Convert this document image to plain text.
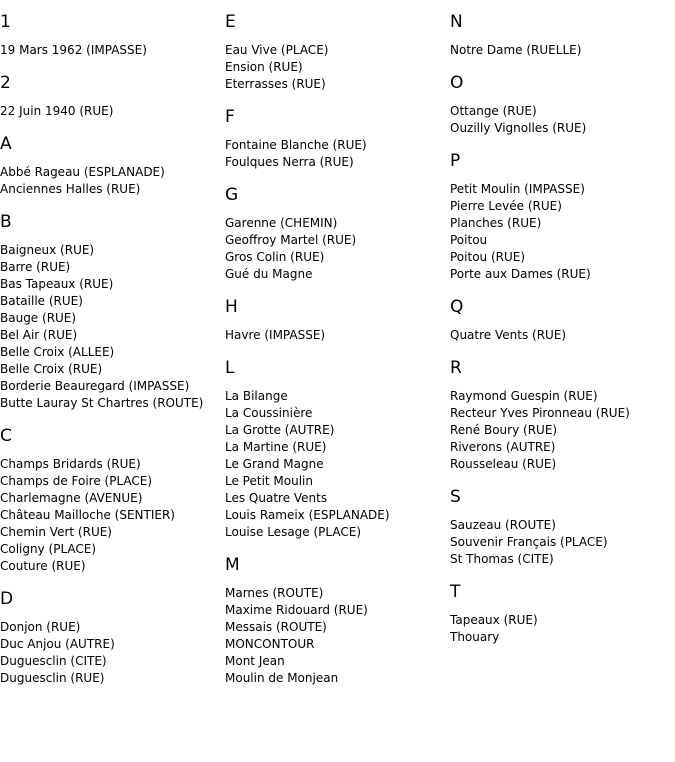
1
19 Mars 1962 (IMPASSE)
2
22 Juin 1940 (RUE)
A
Abbé Rageau (ESPLANADE)
Anciennes Halles (RUE)
B
Baigneux (RUE)
Barre (RUE)
Bas Tapeaux (RUE)
Bataille (RUE)
Bauge (RUE)
Bel Air (RUE)
Belle Croix (ALLEE)
Belle Croix (RUE)
Borderie Beauregard (IMPASSE)
Butte Lauray St Chartres (ROUTE)
C
Champs Bridards (RUE)
Champs de Foire (PLACE)
Charlemagne (AVENUE)
Château Mailloche (SENTIER)
Chemin Vert (RUE)
Coligny (PLACE)
Couture (RUE)
D
Donjon (RUE)
Duc Anjou (AUTRE)
Duguesclin (CITE)
Duguesclin (RUE)
E
Eau Vive (PLACE)
Ension (RUE)
Eterrasses (RUE)
F
Fontaine Blanche (RUE)
Foulques Nerra (RUE)
G
Garenne (CHEMIN)
Geoffroy Martel (RUE)
Gros Colin (RUE)
Gué du Magne
H
Havre (IMPASSE)
L
La Bilange
La Coussinière
La Grotte (AUTRE)
La Martine (RUE)
Le Grand Magne
Le Petit Moulin
Les Quatre Vents
Louis Rameix (ESPLANADE)
Louise Lesage (PLACE)
M
Marnes (ROUTE)
Maxime Ridouard (RUE)
Messais (ROUTE)
MONCONTOUR
Mont Jean
Moulin de Monjean
N
Notre Dame (RUELLE)
O
Ottange (RUE)
Ouzilly Vignolles (RUE)
P
Petit Moulin (IMPASSE)
Pierre Levée (RUE)
Planches (RUE)
Poitou
Poitou (RUE)
Porte aux Dames (RUE)
Q
Quatre Vents (RUE)
R
Raymond Guespin (RUE)
Recteur Yves Pironneau (RUE)
René Boury (RUE)
Riverons (AUTRE)
Rousseleau (RUE)
S
Sauzeau (ROUTE)
Souvenir Français (PLACE)
St Thomas (CITE)
T
Tapeaux (RUE)
Thouary
